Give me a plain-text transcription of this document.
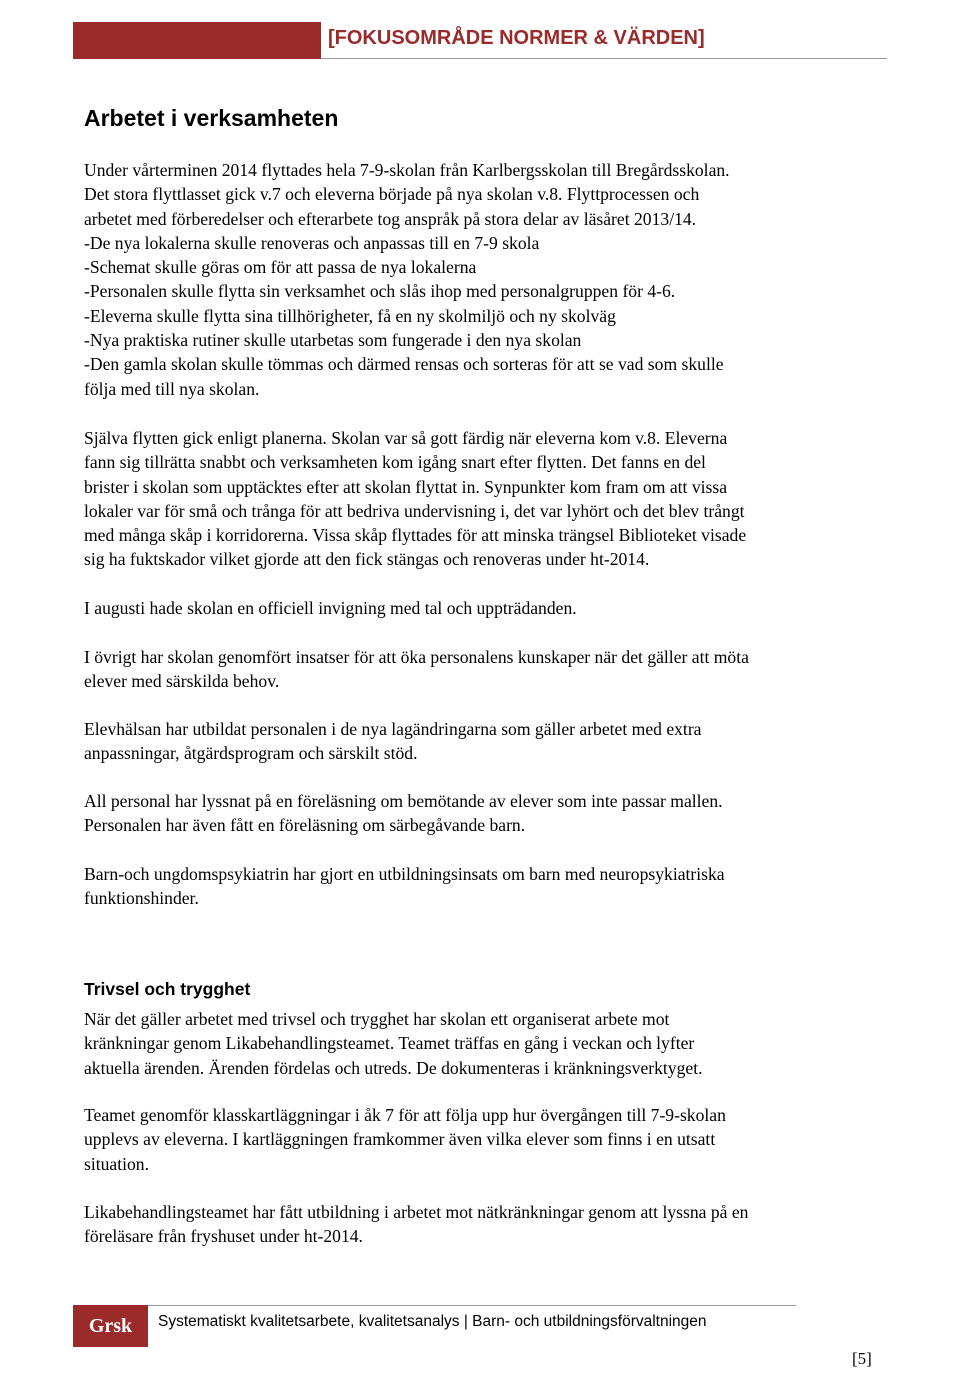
[FOKUSOMRÅDE NORMER & VÄRDEN]
Arbetet i verksamheten
Under vårterminen 2014 flyttades hela 7-9-skolan från Karlbergsskolan till Bregårdsskolan.
Det stora flyttlasset gick v.7 och eleverna började på nya skolan v.8. Flyttprocessen och
arbetet med förberedelser och efterarbete tog anspråk på stora delar av läsåret 2013/14.
-De nya lokalerna skulle renoveras och anpassas till en 7-9 skola
-Schemat skulle göras om för att passa de nya lokalerna
-Personalen skulle flytta sin verksamhet och slås ihop med personalgruppen för 4-6.
-Eleverna skulle flytta sina tillhörigheter, få en ny skolmiljö och ny skolväg
-Nya praktiska rutiner skulle utarbetas som fungerade i den nya skolan
-Den gamla skolan skulle tömmas och därmed rensas och sorteras för att se vad som skulle
följa med till nya skolan.
Själva flytten gick enligt planerna. Skolan var så gott färdig när eleverna kom v.8. Eleverna
fann sig tillrätta snabbt och verksamheten kom igång snart efter flytten. Det fanns en del
brister i skolan som upptäcktes efter att skolan flyttat in. Synpunkter kom fram om att vissa
lokaler var för små och trånga för att bedriva undervisning i, det var lyhört och det blev trångt
med många skåp i korridorerna. Vissa skåp flyttades för att minska trängsel Biblioteket visade
sig ha fuktskador vilket gjorde att den fick stängas och renoveras under ht-2014.
I augusti hade skolan en officiell invigning med tal och uppträdanden.
I övrigt har skolan genomfört insatser för att öka personalens kunskaper när det gäller att möta
elever med särskilda behov.
Elevhälsan har utbildat personalen i de nya lagändringarna som gäller arbetet med extra
anpassningar, åtgärdsprogram och särskilt stöd.
All personal har lyssnat på en föreläsning om bemötande av elever som inte passar mallen.
Personalen har även fått en föreläsning om särbegåvande barn.
Barn-och ungdomspsykiatrin har gjort en utbildningsinsats om barn med neuropsykiatriska
funktionshinder.
Trivsel och trygghet
När det gäller arbetet med trivsel och trygghet har skolan ett organiserat arbete mot
kränkningar genom Likabehandlingsteamet. Teamet träffas en gång i veckan och lyfter
aktuella ärenden. Ärenden fördelas och utreds. De dokumenteras i kränkningsverktyget.
Teamet genomför klasskartläggningar i åk 7 för att följa upp hur övergången till 7-9-skolan
upplevs av eleverna. I kartläggningen framkommer även vilka elever som finns i en utsatt
situation.
Likabehandlingsteamet har fått utbildning i arbetet mot nätkränkningar genom att lyssna på en
föreläsare från fryshuset under ht-2014.
Grsk	Systematiskt kvalitetsarbete, kvalitetsanalys | Barn- och utbildningsförvaltningen
[5]
